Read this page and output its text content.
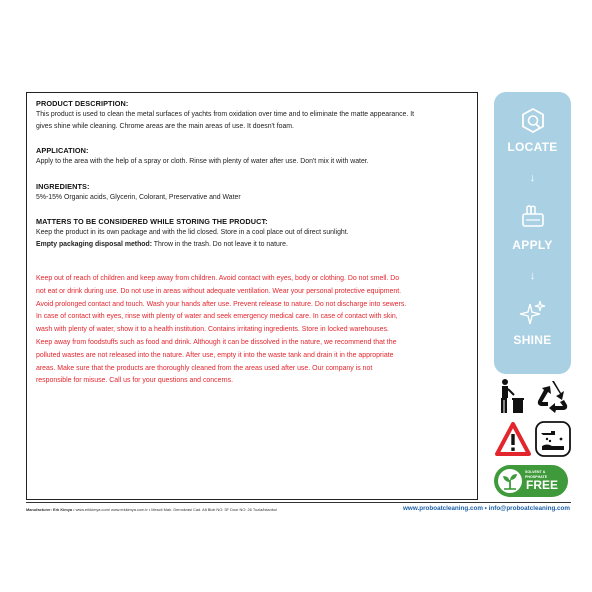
PRODUCT DESCRIPTION:

This product is used to clean the metal surfaces of yachts from oxidation over time and to eliminate the matte appearance. It

gives shine while cleaning. Chrome areas are the main areas of use. It doesn't foam.

APPLICATION:

Apply to the area with the help of a spray or cloth. Rinse with plenty of water after use. Don't mix it with water.

INGREDIENTS:

5%-15% Organic acids, Glycerin, Colorant, Preservative and Water

MATTERS TO BE CONSIDERED WHILE STORING THE PRODUCT:

Keep the product in its own package and with the lid closed. Store in a cool place out of direct sunlight.

Empty packaging disposal method: Throw in the trash. Do not leave it to nature.

Keep out of reach of children and keep away from children. Avoid contact with eyes, body or clothing. Do not smell. Do
not eat or drink during use. Do not use in areas without adequate ventilation. Wear your personal protective equipment.
Avoid prolonged contact and touch. Wash your hands after use. Prevent release to nature. Do not discharge into sewers.
In case of contact with eyes, rinse with plenty of water and seek emergency medical care. In case of contact with skin,
wash with plenty of water, show it to a health institution. Contains irritating ingredients. Store in locked warehouses.
Keep away from foodstuffs such as food and drink. Although it can be dissolved in the nature, we recommend that the
polluted wastes are not released into the nature. After use, empty it into the waste tank and drain it in the appropriate
areas. Make sure that the products are thoroughly cleaned from the areas used after use. Our company is not
responsible for misuse. Call us for your questions and concerns.
LOCATE
↓
APPLY
↓
SHINE
SOLVENT &
PHOSPHATE
FREE
Manufacturer: Erk Kimya • www.erkkimya.com/ www.erkkimya.com.tr • Mescit Mah. Demokrasi Cad. Alt Blok NO: 3F Door NO: 26 Tuzla/Istanbul	www.proboatcleaning.com • info@proboatcleaning.com
